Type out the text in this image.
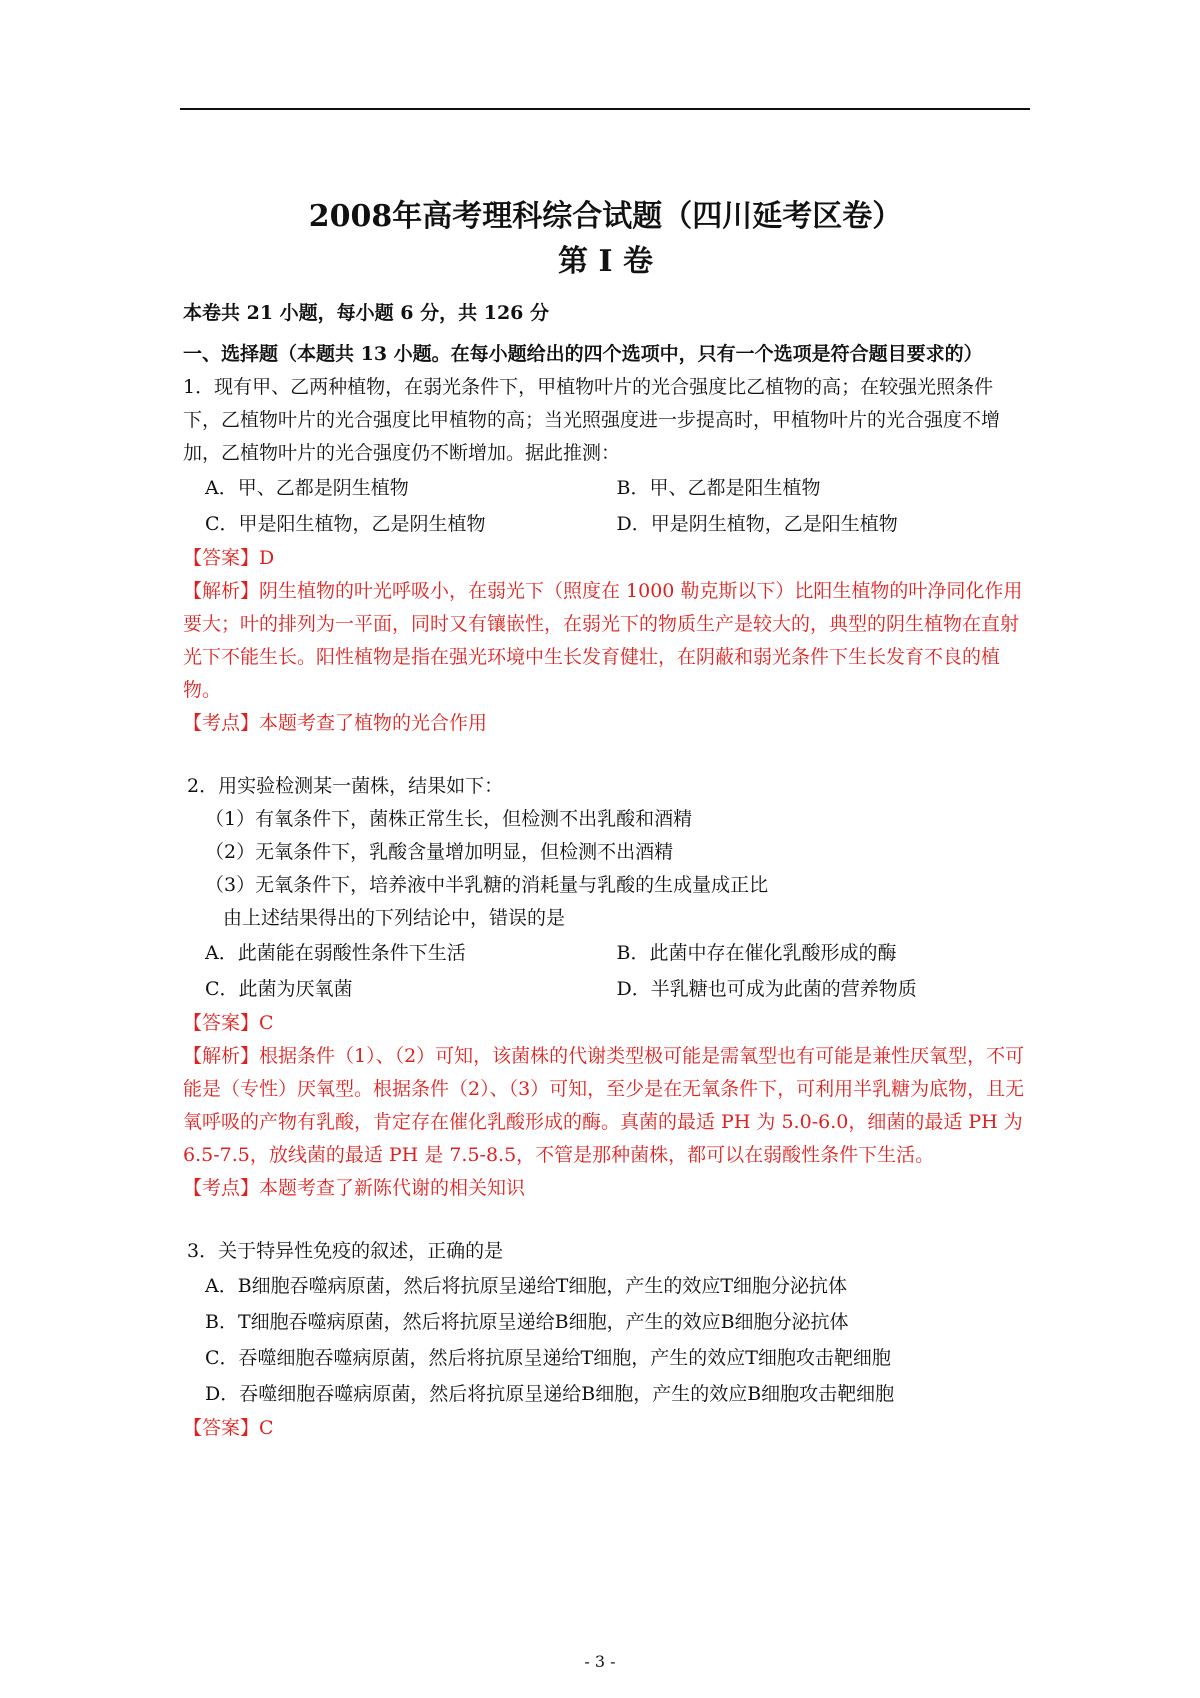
2008年高考理科综合试题（四川延考区卷）
第 I 卷

本卷共 21 小题，每小题 6 分，共 126 分

一、选择题（本题共 13 小题。在每小题给出的四个选项中，只有一个选项是符合题目要求的）

1．现有甲、乙两种植物，在弱光条件下，甲植物叶片的光合强度比乙植物的高；在较强光照条件下，乙植物叶片的光合强度比甲植物的高；当光照强度进一步提高时，甲植物叶片的光合强度不增加，乙植物叶片的光合强度仍不断增加。据此推测：

A．甲、乙都是阴生植物	B．甲、乙都是阳生植物
C．甲是阳生植物，乙是阴生植物	D．甲是阴生植物，乙是阳生植物

【答案】D

【解析】阴生植物的叶光呼吸小，在弱光下（照度在 1000 勒克斯以下）比阳生植物的叶净同化作用要大；叶的排列为一平面，同时又有镶嵌性，在弱光下的物质生产是较大的，典型的阴生植物在直射光下不能生长。阳性植物是指在强光环境中生长发育健壮，在阴蔽和弱光条件下生长发育不良的植物。

【考点】本题考查了植物的光合作用

2．用实验检测某一菌株，结果如下：

（1）有氧条件下，菌株正常生长，但检测不出乳酸和酒精

（2）无氧条件下，乳酸含量增加明显，但检测不出酒精

（3）无氧条件下，培养液中半乳糖的消耗量与乳酸的生成量成正比

由上述结果得出的下列结论中，错误的是

A．此菌能在弱酸性条件下生活	B．此菌中存在催化乳酸形成的酶
C．此菌为厌氧菌	D．半乳糖也可成为此菌的营养物质

【答案】C

【解析】根据条件（1）、（2）可知，该菌株的代谢类型极可能是需氧型也有可能是兼性厌氧型，不可能是（专性）厌氧型。根据条件（2）、（3）可知，至少是在无氧条件下，可利用半乳糖为底物，且无氧呼吸的产物有乳酸，肯定存在催化乳酸形成的酶。真菌的最适 PH 为 5.0-6.0，细菌的最适 PH 为 6.5-7.5，放线菌的最适 PH 是 7.5-8.5，不管是那种菌株，都可以在弱酸性条件下生活。

【考点】本题考查了新陈代谢的相关知识

3．关于特异性免疫的叙述，正确的是

A．B细胞吞噬病原菌，然后将抗原呈递给T细胞，产生的效应T细胞分泌抗体

B．T细胞吞噬病原菌，然后将抗原呈递给B细胞，产生的效应B细胞分泌抗体

C．吞噬细胞吞噬病原菌，然后将抗原呈递给T细胞，产生的效应T细胞攻击靶细胞

D．吞噬细胞吞噬病原菌，然后将抗原呈递给B细胞，产生的效应B细胞攻击靶细胞

【答案】C

- 3 -
